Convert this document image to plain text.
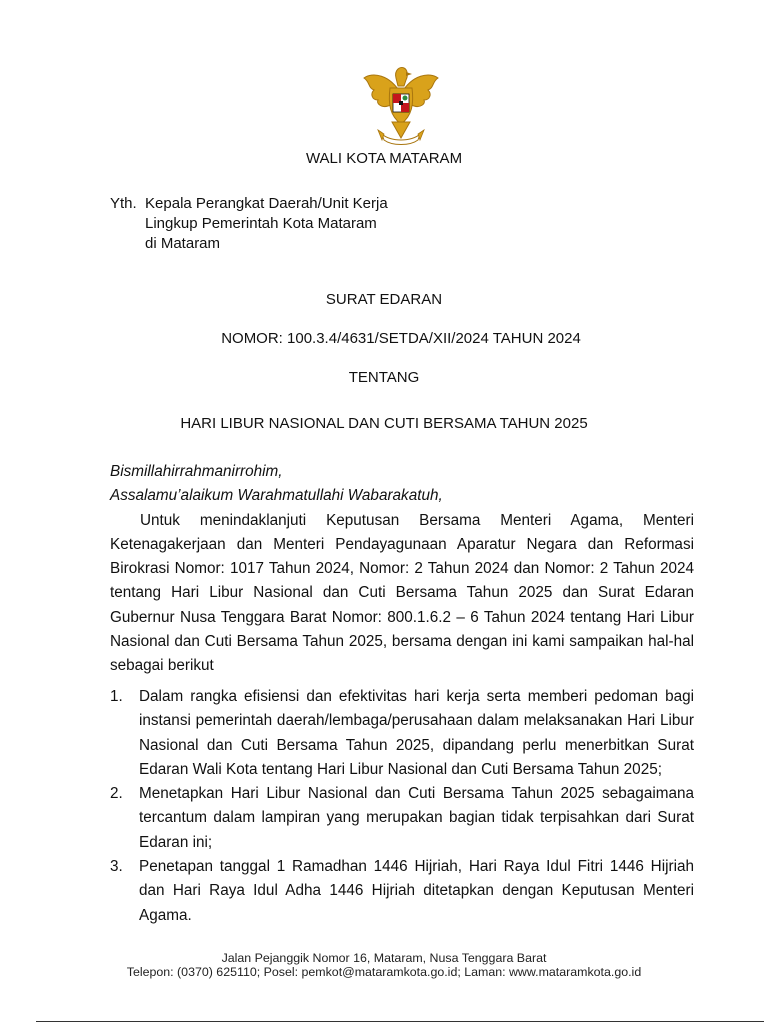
WALI KOTA MATARAM
Yth. Kepala Perangkat Daerah/Unit Kerja
Lingkup Pemerintah Kota Mataram
di Mataram
SURAT EDARAN
NOMOR: 100.3.4/4631/SETDA/XII/2024 TAHUN 2024
TENTANG
HARI LIBUR NASIONAL DAN CUTI BERSAMA TAHUN 2025
Bismillahirrahmanirrohim,
Assalamu’alaikum Warahmatullahi Wabarakatuh,
Untuk menindaklanjuti Keputusan Bersama Menteri Agama, Menteri Ketenagakerjaan dan Menteri Pendayagunaan Aparatur Negara dan Reformasi Birokrasi Nomor: 1017 Tahun 2024, Nomor: 2 Tahun 2024 dan Nomor: 2 Tahun 2024 tentang Hari Libur Nasional dan Cuti Bersama Tahun 2025 dan Surat Edaran Gubernur Nusa Tenggara Barat Nomor: 800.1.6.2 – 6 Tahun 2024 tentang Hari Libur Nasional dan Cuti Bersama Tahun 2025, bersama dengan ini kami sampaikan hal-hal sebagai berikut
1. Dalam rangka efisiensi dan efektivitas hari kerja serta memberi pedoman bagi instansi pemerintah daerah/lembaga/perusahaan dalam melaksanakan Hari Libur Nasional dan Cuti Bersama Tahun 2025, dipandang perlu menerbitkan Surat Edaran Wali Kota tentang Hari Libur Nasional dan Cuti Bersama Tahun 2025;
2. Menetapkan Hari Libur Nasional dan Cuti Bersama Tahun 2025 sebagaimana tercantum dalam lampiran yang merupakan bagian tidak terpisahkan dari Surat Edaran ini;
3. Penetapan tanggal 1 Ramadhan 1446 Hijriah, Hari Raya Idul Fitri 1446 Hijriah dan Hari Raya Idul Adha 1446 Hijriah ditetapkan dengan Keputusan Menteri Agama.
Jalan Pejanggik Nomor 16, Mataram, Nusa Tenggara Barat
Telepon: (0370) 625110; Posel: pemkot@mataramkota.go.id; Laman: www.mataramkota.go.id
